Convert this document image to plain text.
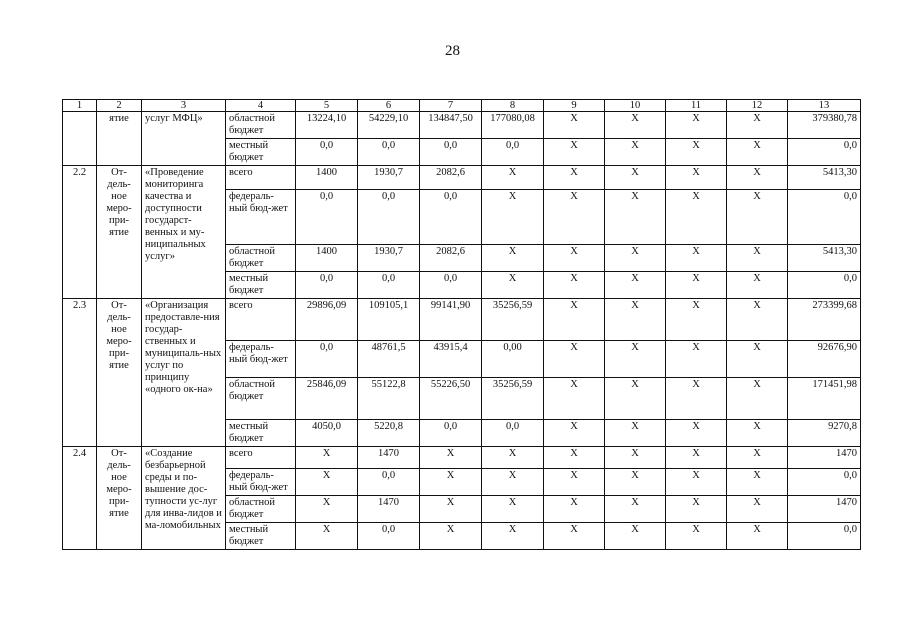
28
1	2	3	4	5	6	7	8	9	10	11	12	13
	ятие	услуг МФЦ»	областной бюджет	13224,10	54229,10	134847,50	177080,08	X	X	X	X	379380,78
			местный бюджет	0,0	0,0	0,0	0,0	X	X	X	X	0,0
2.2	От-дель-ное меро-при-ятие	«Проведение мониторинга качества и доступности государст-венных и му-ниципальных услуг»	всего	1400	1930,7	2082,6	X	X	X	X	X	5413,30
			федераль-ный бюд-жет	0,0	0,0	0,0	X	X	X	X	X	0,0
			областной бюджет	1400	1930,7	2082,6	X	X	X	X	X	5413,30
			местный бюджет	0,0	0,0	0,0	X	X	X	X	X	0,0
2.3	От-дель-ное меро-при-ятие	«Организация предоставле-ния государ-ственных и муниципаль-ных услуг по принципу «одного ок-на»	всего	29896,09	109105,1	99141,90	35256,59	X	X	X	X	273399,68
			федераль-ный бюд-жет	0,0	48761,5	43915,4	0,00	X	X	X	X	92676,90
			областной бюджет	25846,09	55122,8	55226,50	35256,59	X	X	X	X	171451,98
			местный бюджет	4050,0	5220,8	0,0	0,0	X	X	X	X	9270,8
2.4	От-дель-ное меро-при-ятие	«Создание безбарьерной среды и по-вышение дос-тупности ус-луг для инва-лидов и ма-ломобильных	всего	X	1470	X	X	X	X	X	X	1470
			федераль-ный бюд-жет	X	0,0	X	X	X	X	X	X	0,0
			областной бюджет	X	1470	X	X	X	X	X	X	1470
			местный бюджет	X	0,0	X	X	X	X	X	X	0,0
